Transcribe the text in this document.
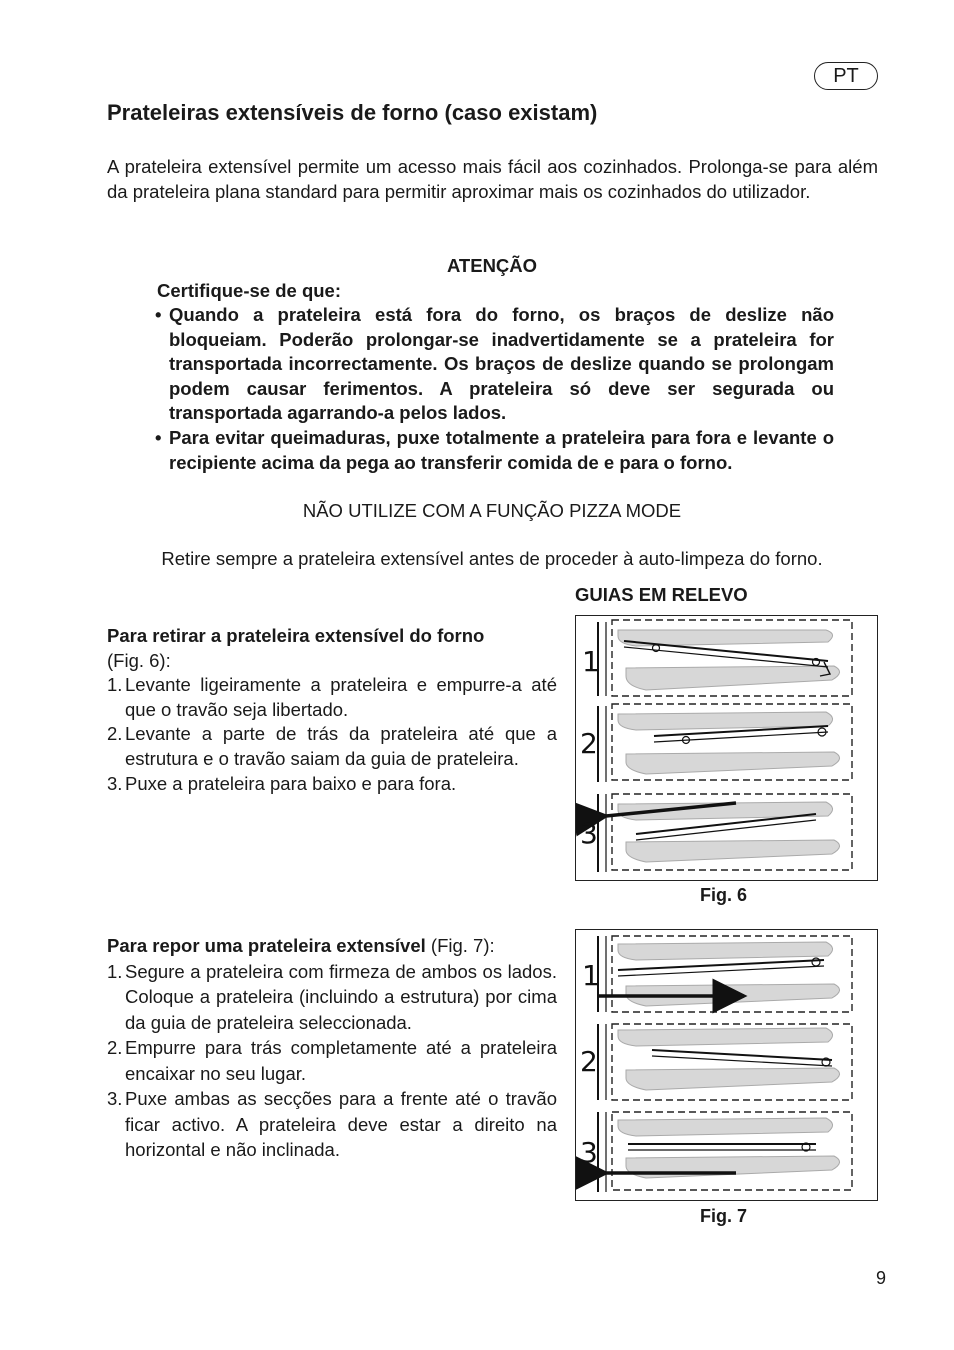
PT
Prateleiras extensíveis de forno (caso existam)
A prateleira extensível permite um acesso mais fácil aos cozinhados. Prolonga-se para além da prateleira plana standard para permitir aproximar mais os cozinhados do utilizador.
ATENÇÃO
Certifique-se de que:
• Quando a prateleira está fora do forno, os braços de deslize não bloqueiam. Poderão prolongar-se inadvertidamente se a prateleira for transportada incorrectamente. Os braços de deslize quando se prolongam podem causar ferimentos. A prateleira só deve ser segurada ou transportada agarrando-a pelos lados.
• Para evitar queimaduras, puxe totalmente a prateleira para fora e levante o recipiente acima da pega ao transferir comida de e para o forno.
NÃO UTILIZE COM A FUNÇÃO PIZZA MODE
Retire sempre a prateleira extensível antes de proceder à auto-limpeza do forno.
GUIAS EM RELEVO
Para retirar a prateleira extensível do forno
(Fig. 6):
1. Levante ligeiramente a prateleira e empurre-a até que o travão seja libertado.
2. Levante a parte de trás da prateleira até que a estrutura e o travão saiam da guia de prateleira.
3. Puxe a prateleira para baixo e para fora.
Para repor uma prateleira extensível (Fig. 7):
1. Segure a prateleira com firmeza de ambos os lados. Coloque a prateleira (incluindo a estrutura) por cima da guia de prateleira seleccionada.
2. Empurre para trás completamente até a prateleira encaixar no seu lugar.
3. Puxe ambas as secções para a frente até o travão ficar activo. A prateleira deve estar a direito na horizontal e não inclinada.
1
2
3
Fig. 6
1
2
3
Fig. 7
9
